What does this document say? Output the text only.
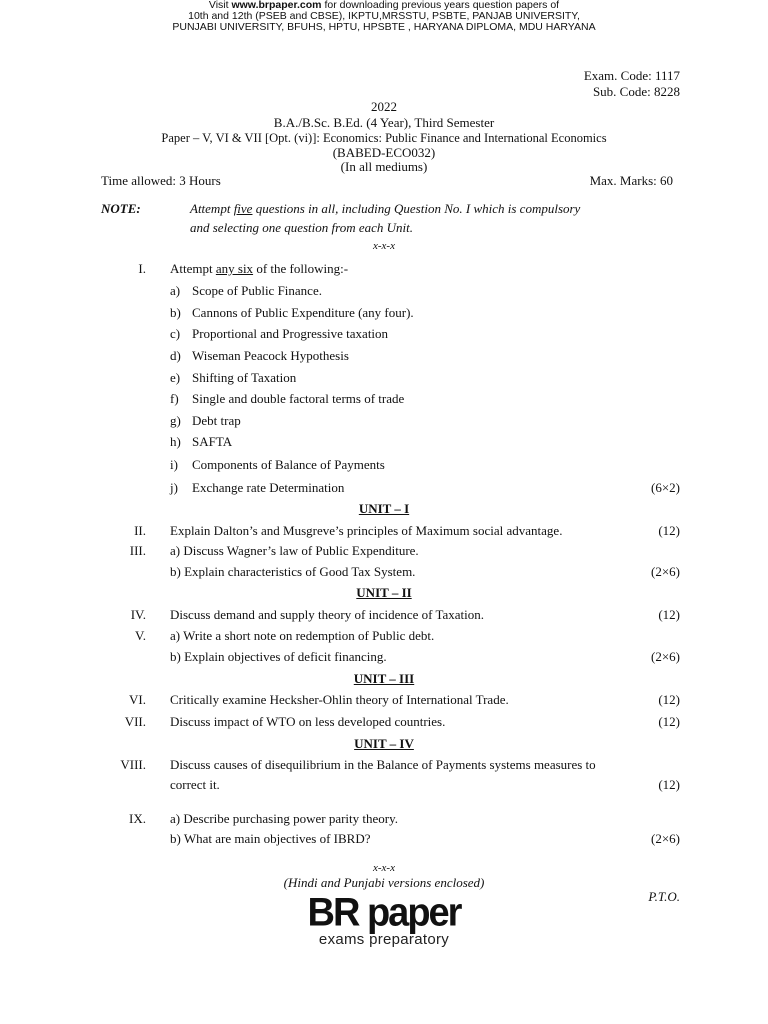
Visit www.brpaper.com for downloading previous years question papers of
10th and 12th (PSEB and CBSE), IKPTU,MRSSTU, PSBTE, PANJAB UNIVERSITY,
PUNJABI UNIVERSITY, BFUHS, HPTU, HPSBTE , HARYANA DIPLOMA, MDU HARYANA
Exam. Code: 1117
Sub. Code: 8228
2022
B.A./B.Sc. B.Ed. (4 Year), Third Semester
Paper – V, VI & VII [Opt. (vi)]: Economics: Public Finance and International Economics
(BABED-ECO032)
(In all mediums)
Time allowed: 3 Hours	Max. Marks: 60
NOTE:	Attempt five questions in all, including Question No. I which is compulsory
and selecting one question from each Unit.
x-x-x
I. Attempt any six of the following:-
a) Scope of Public Finance.
b) Cannons of Public Expenditure (any four).
c) Proportional and Progressive taxation
d) Wiseman Peacock Hypothesis
e) Shifting of Taxation
f) Single and double factoral terms of trade
g) Debt trap
h) SAFTA
i) Components of Balance of Payments
j) Exchange rate Determination	(6×2)
UNIT – I
II. Explain Dalton’s and Musgreve’s principles of Maximum social advantage.	(12)
III. a) Discuss Wagner’s law of Public Expenditure.
b) Explain characteristics of Good Tax System.	(2×6)
UNIT – II
IV. Discuss demand and supply theory of incidence of Taxation.	(12)
V. a) Write a short note on redemption of Public debt.
b) Explain objectives of deficit financing.	(2×6)
UNIT – III
VI. Critically examine Hecksher-Ohlin theory of International Trade.	(12)
VII. Discuss impact of WTO on less developed countries.	(12)
UNIT – IV
VIII. Discuss causes of disequilibrium in the Balance of Payments systems measures to
correct it.	(12)
IX. a) Describe purchasing power parity theory.
b) What are main objectives of IBRD?	(2×6)
x-x-x
(Hindi and Punjabi versions enclosed)
P.T.O.
BR paper
exams preparatory
